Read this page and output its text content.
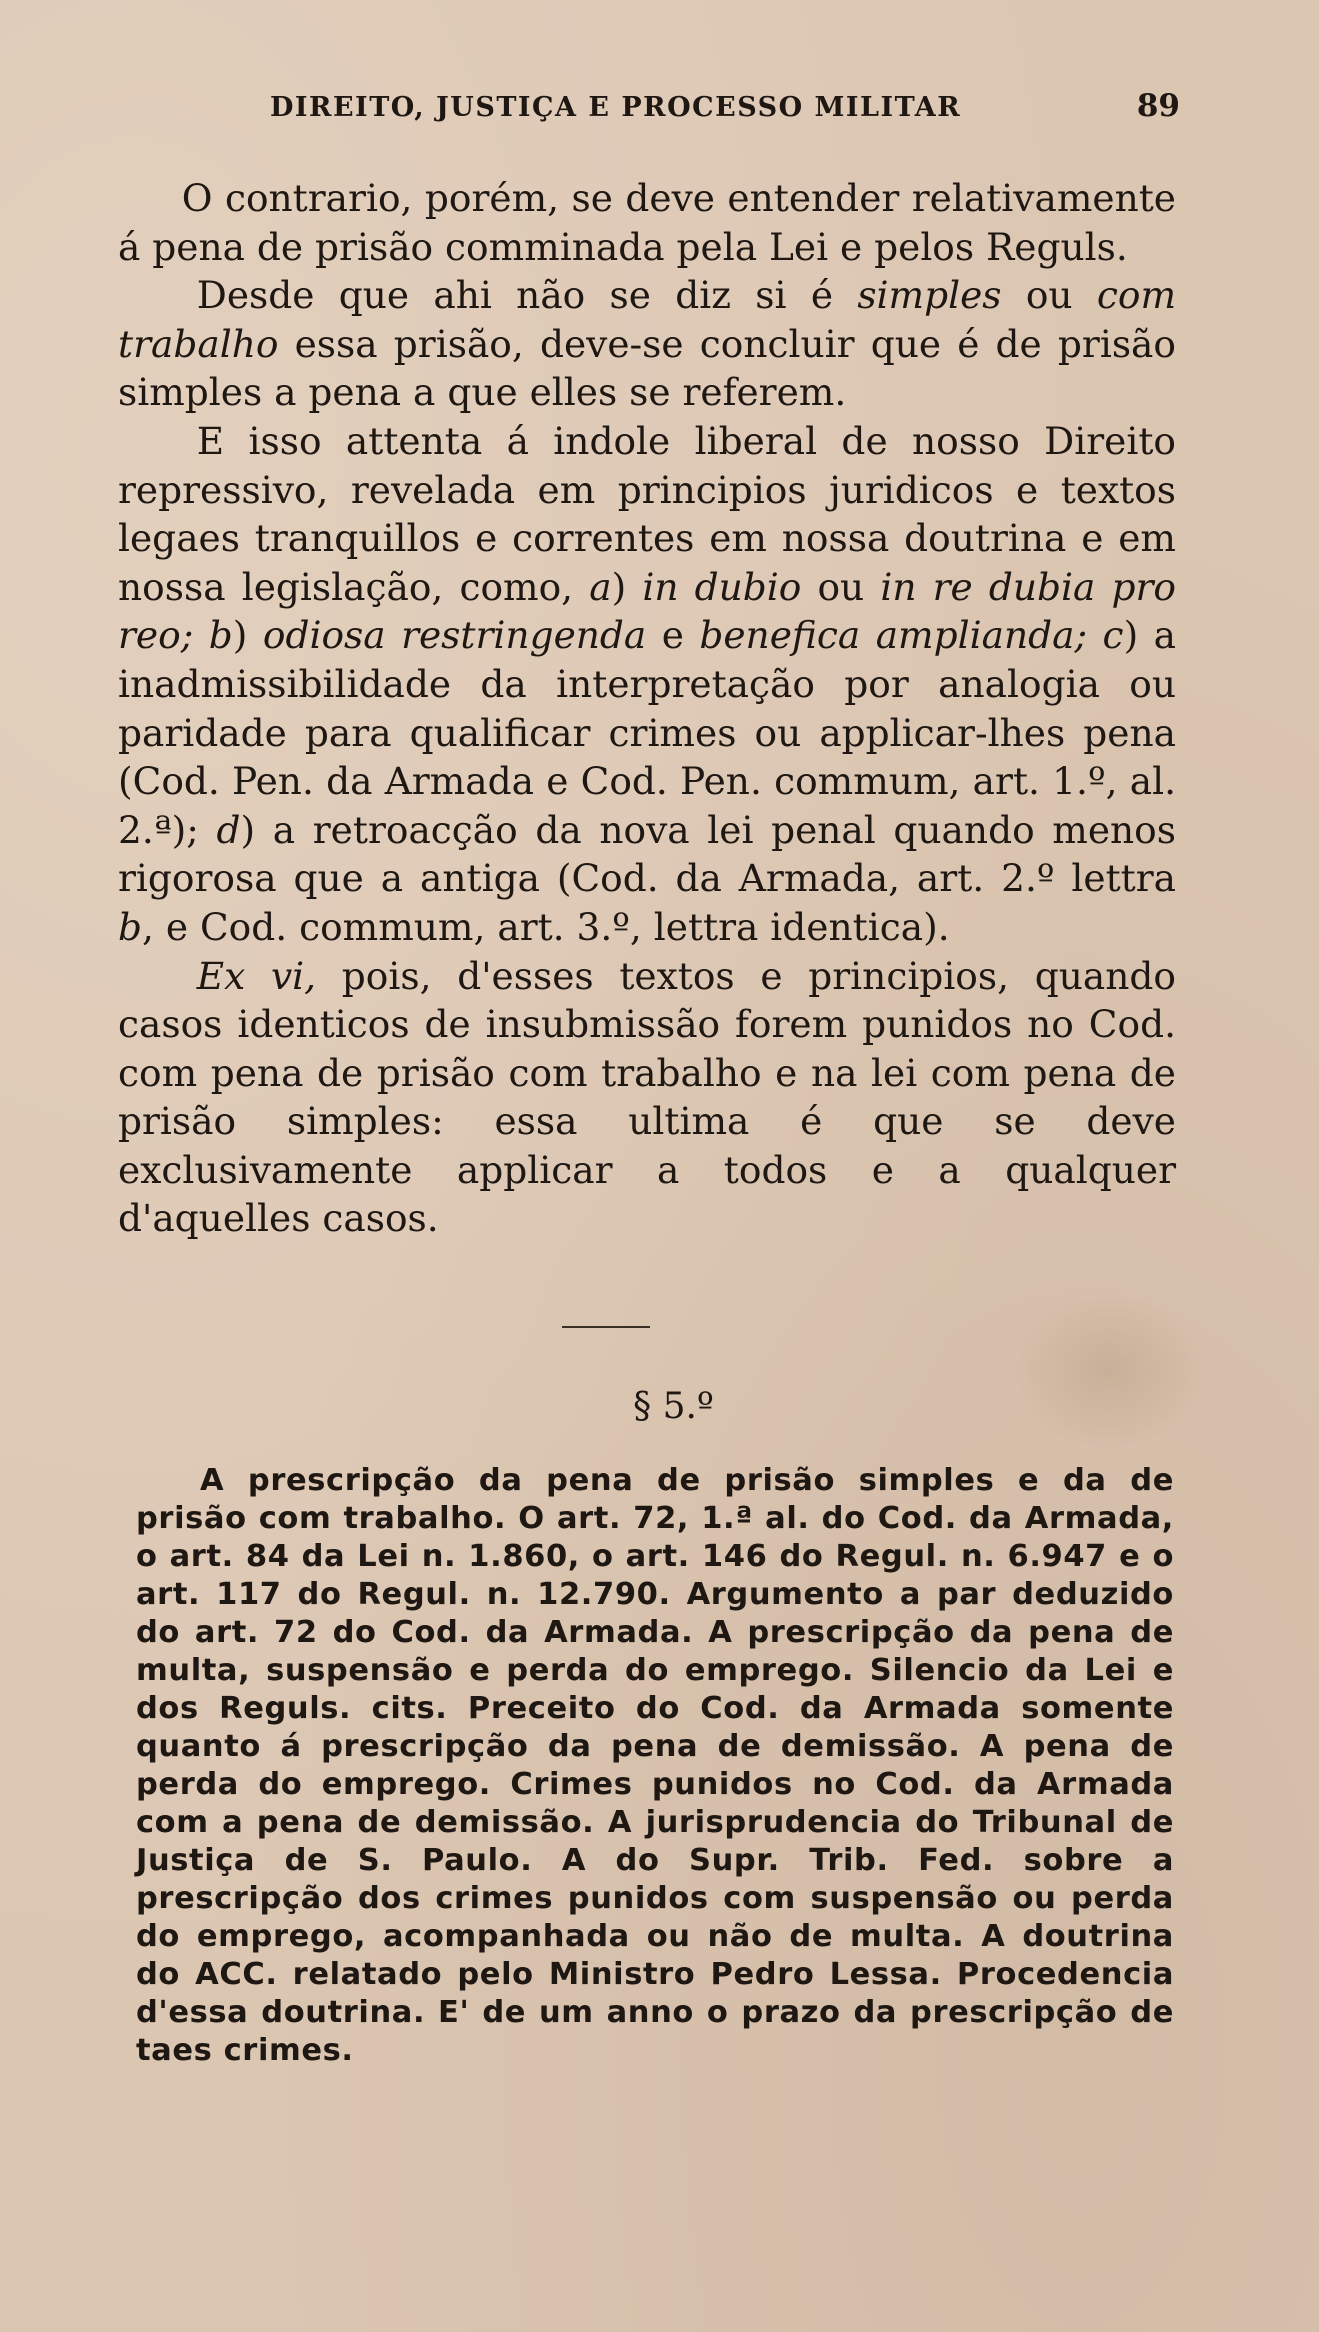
DIREITO, JUSTIÇA E PROCESSO MILITAR	89

O contrario, porém, se deve entender relativamente á pena de prisão comminada pela Lei e pelos Reguls.

Desde que ahi não se diz si é simples ou com trabalho essa prisão, deve-se concluir que é de prisão simples a pena a que elles se referem.

E isso attenta á indole liberal de nosso Direito repressivo, revelada em principios juridicos e textos legaes tranquillos e correntes em nossa doutrina e em nossa legislação, como, a) in dubio ou in re dubia pro reo; b) odiosa restringenda e benefica amplianda; c) a inadmissibilidade da interpretação por analogia ou paridade para qualificar crimes ou applicar-lhes pena (Cod. Pen. da Armada e Cod. Pen. commum, art. 1.º, al. 2.ª); d) a retroacção da nova lei penal quando menos rigorosa que a antiga (Cod. da Armada, art. 2.º lettra b, e Cod. commum, art. 3.º, lettra identica).

Ex vi, pois, d'esses textos e principios, quando casos identicos de insubmissão forem punidos no Cod. com pena de prisão com trabalho e na lei com pena de prisão simples: essa ultima é que se deve exclusivamente applicar a todos e a qualquer d'aquelles casos.

§ 5.º

A prescripção da pena de prisão simples e da de prisão com trabalho. O art. 72, 1.ª al. do Cod. da Armada, o art. 84 da Lei n. 1.860, o art. 146 do Regul. n. 6.947 e o art. 117 do Regul. n. 12.790. Argumento a par deduzido do art. 72 do Cod. da Armada. A prescripção da pena de multa, suspensão e perda do emprego. Silencio da Lei e dos Reguls. cits. Preceito do Cod. da Armada somente quanto á prescripção da pena de demissão. A pena de perda do emprego. Crimes punidos no Cod. da Armada com a pena de demissão. A jurisprudencia do Tribunal de Justiça de S. Paulo. A do Supr. Trib. Fed. sobre a prescripção dos crimes punidos com suspensão ou perda do emprego, acompanhada ou não de multa. A doutrina do ACC. relatado pelo Ministro Pedro Lessa. Procedencia d'essa doutrina. E' de um anno o prazo da prescripção de taes crimes.
